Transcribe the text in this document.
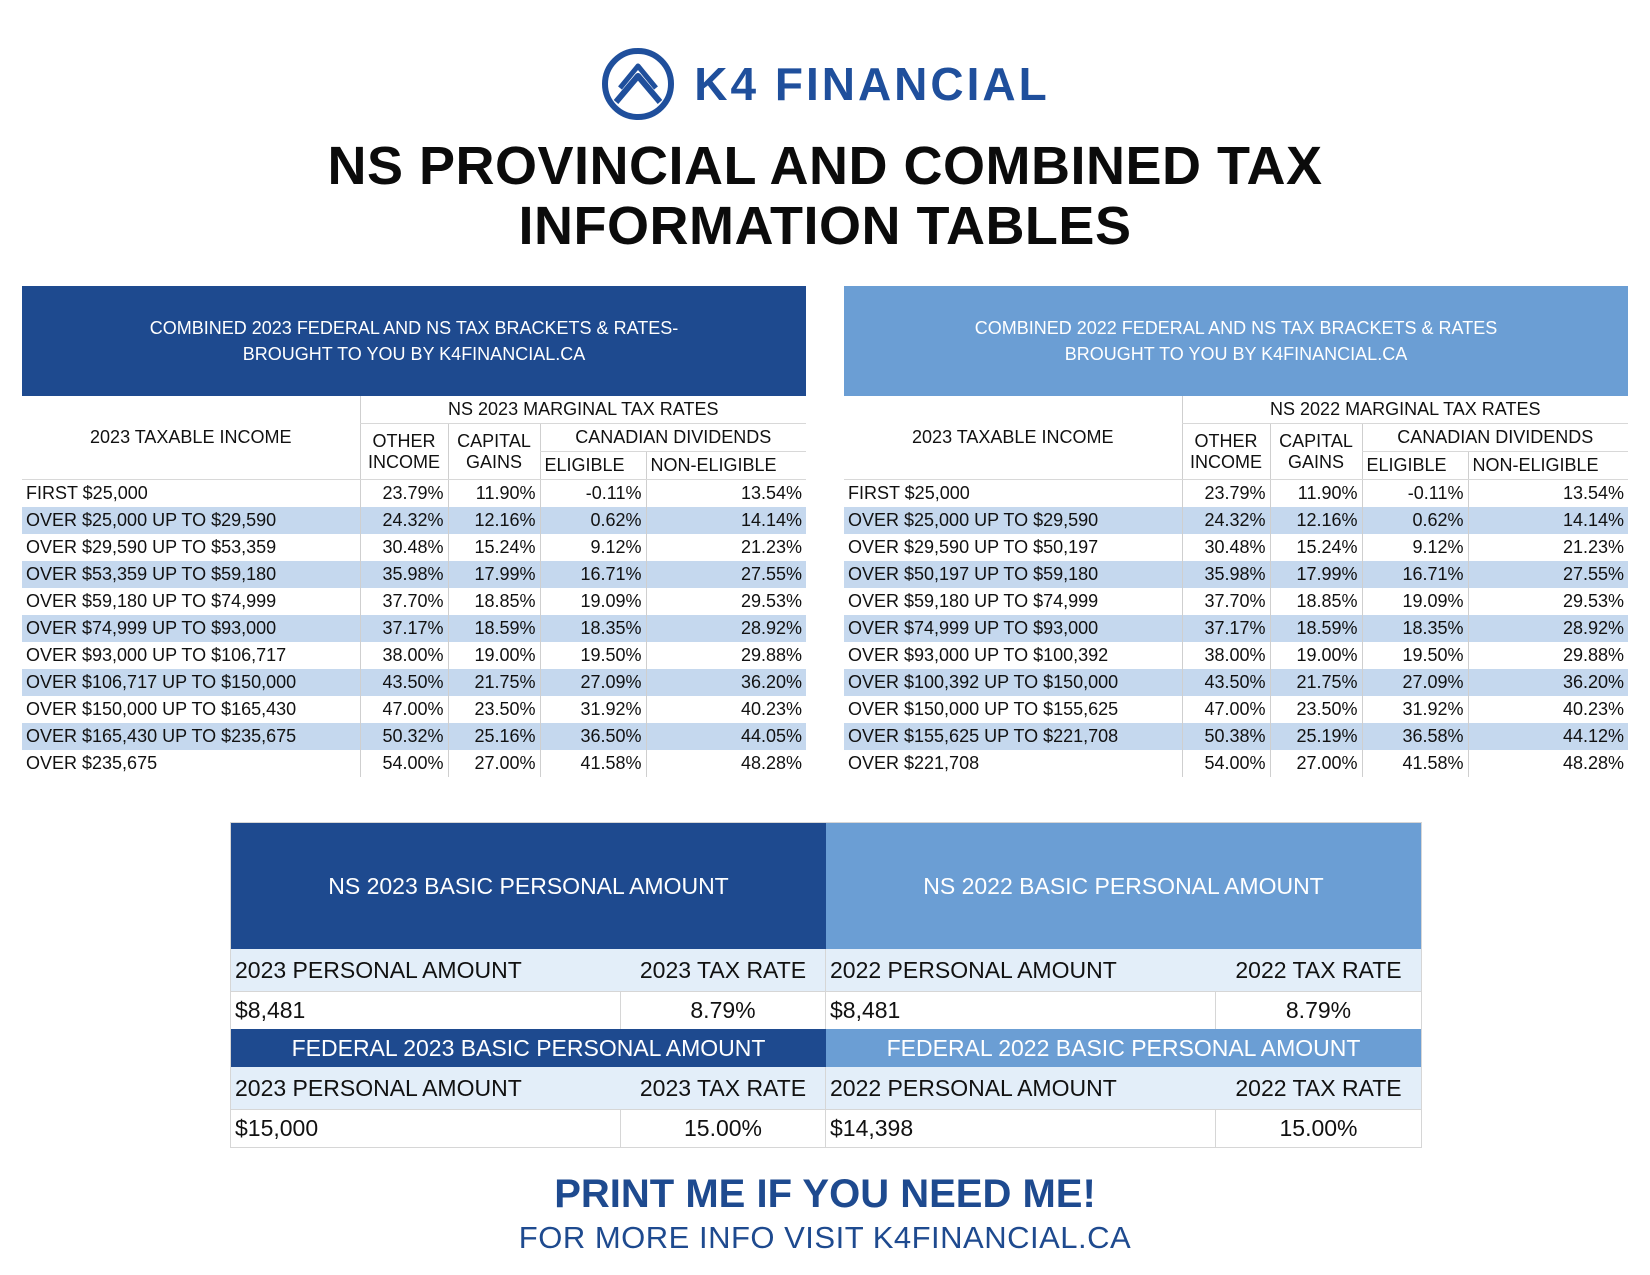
K4 FINANCIAL
NS PROVINCIAL AND COMBINED TAX
INFORMATION TABLES
COMBINED 2023 FEDERAL AND NS TAX BRACKETS & RATES-
BROUGHT TO YOU BY K4FINANCIAL.CA
2023 TAXABLE INCOME	NS 2023 MARGINAL TAX RATES			
	OTHER INCOME	CAPITAL GAINS	CANADIAN DIVIDENDS	
			ELIGIBLE	NON-ELIGIBLE
FIRST $25,000	23.79%	11.90%	-0.11%	13.54%
OVER $25,000 UP TO $29,590	24.32%	12.16%	0.62%	14.14%
OVER $29,590 UP TO $53,359	30.48%	15.24%	9.12%	21.23%
OVER $53,359 UP TO $59,180	35.98%	17.99%	16.71%	27.55%
OVER $59,180 UP TO $74,999	37.70%	18.85%	19.09%	29.53%
OVER $74,999 UP TO $93,000	37.17%	18.59%	18.35%	28.92%
OVER $93,000 UP TO $106,717	38.00%	19.00%	19.50%	29.88%
OVER $106,717 UP TO $150,000	43.50%	21.75%	27.09%	36.20%
OVER $150,000 UP TO $165,430	47.00%	23.50%	31.92%	40.23%
OVER $165,430 UP TO $235,675	50.32%	25.16%	36.50%	44.05%
OVER $235,675	54.00%	27.00%	41.58%	48.28%
COMBINED 2022 FEDERAL AND NS TAX BRACKETS & RATES
BROUGHT TO YOU BY K4FINANCIAL.CA
2023 TAXABLE INCOME	NS 2022 MARGINAL TAX RATES			
	OTHER INCOME	CAPITAL GAINS	CANADIAN DIVIDENDS	
			ELIGIBLE	NON-ELIGIBLE
FIRST $25,000	23.79%	11.90%	-0.11%	13.54%
OVER $25,000 UP TO $29,590	24.32%	12.16%	0.62%	14.14%
OVER $29,590 UP TO $50,197	30.48%	15.24%	9.12%	21.23%
OVER $50,197 UP TO $59,180	35.98%	17.99%	16.71%	27.55%
OVER $59,180 UP TO $74,999	37.70%	18.85%	19.09%	29.53%
OVER $74,999 UP TO $93,000	37.17%	18.59%	18.35%	28.92%
OVER $93,000 UP TO $100,392	38.00%	19.00%	19.50%	29.88%
OVER $100,392 UP TO $150,000	43.50%	21.75%	27.09%	36.20%
OVER $150,000 UP TO $155,625	47.00%	23.50%	31.92%	40.23%
OVER $155,625 UP TO $221,708	50.38%	25.19%	36.58%	44.12%
OVER $221,708	54.00%	27.00%	41.58%	48.28%
NS 2023 BASIC PERSONAL AMOUNT	NS 2022 BASIC PERSONAL AMOUNT
2023 PERSONAL AMOUNT	2023 TAX RATE
$8,481	8.79%
2022 PERSONAL AMOUNT	2022 TAX RATE
$8,481	8.79%
FEDERAL 2023 BASIC PERSONAL AMOUNT	FEDERAL 2022 BASIC PERSONAL AMOUNT
2023 PERSONAL AMOUNT	2023 TAX RATE
$15,000	15.00%
2022 PERSONAL AMOUNT	2022 TAX RATE
$14,398	15.00%
PRINT ME IF YOU NEED ME!
FOR MORE INFO VISIT K4FINANCIAL.CA
